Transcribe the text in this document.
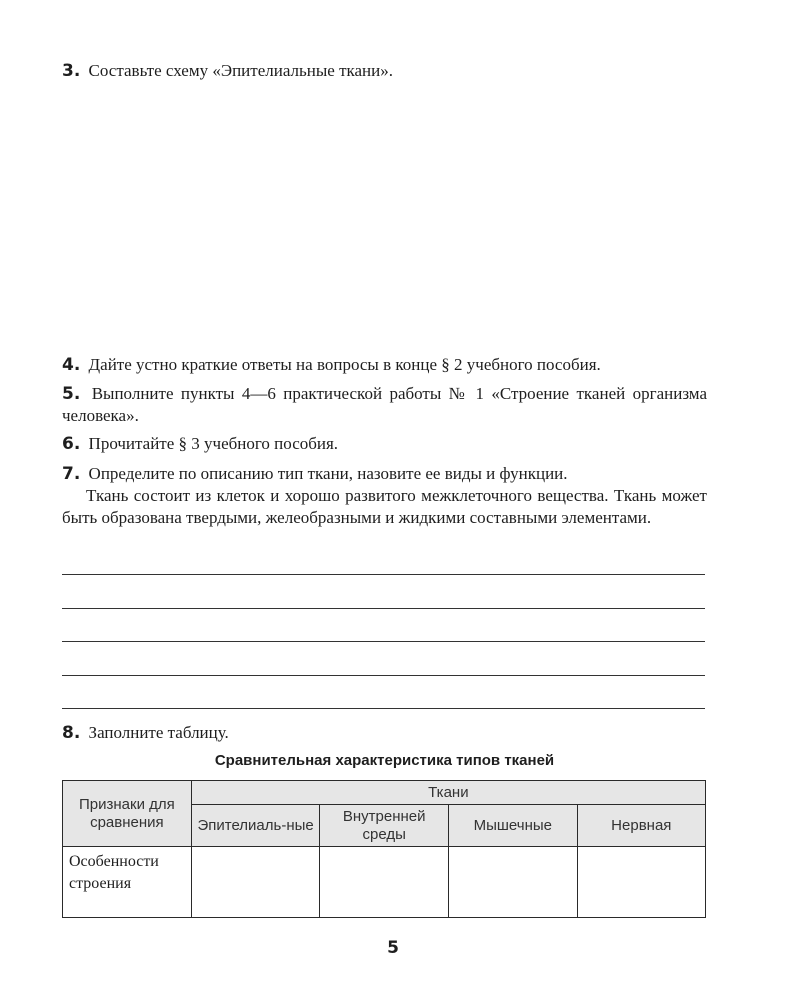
3. Составьте схему «Эпителиальные ткани».
4. Дайте устно краткие ответы на вопросы в конце § 2 учебного пособия.
5. Выполните пункты 4—6 практической работы № 1 «Строение тканей организма человека».
6. Прочитайте § 3 учебного пособия.
7. Определите по описанию тип ткани, назовите ее виды и функции.
Ткань состоит из клеток и хорошо развитого межклеточного вещества. Ткань может быть образована твердыми, желеобразными и жидкими составными элементами.
8. Заполните таблицу.
Сравнительная характеристика типов тканей
Признаки для сравнения	Ткани			
	Эпителиаль-ные	Внутренней среды	Мышечные	Нервная
Особенности строения				
5
